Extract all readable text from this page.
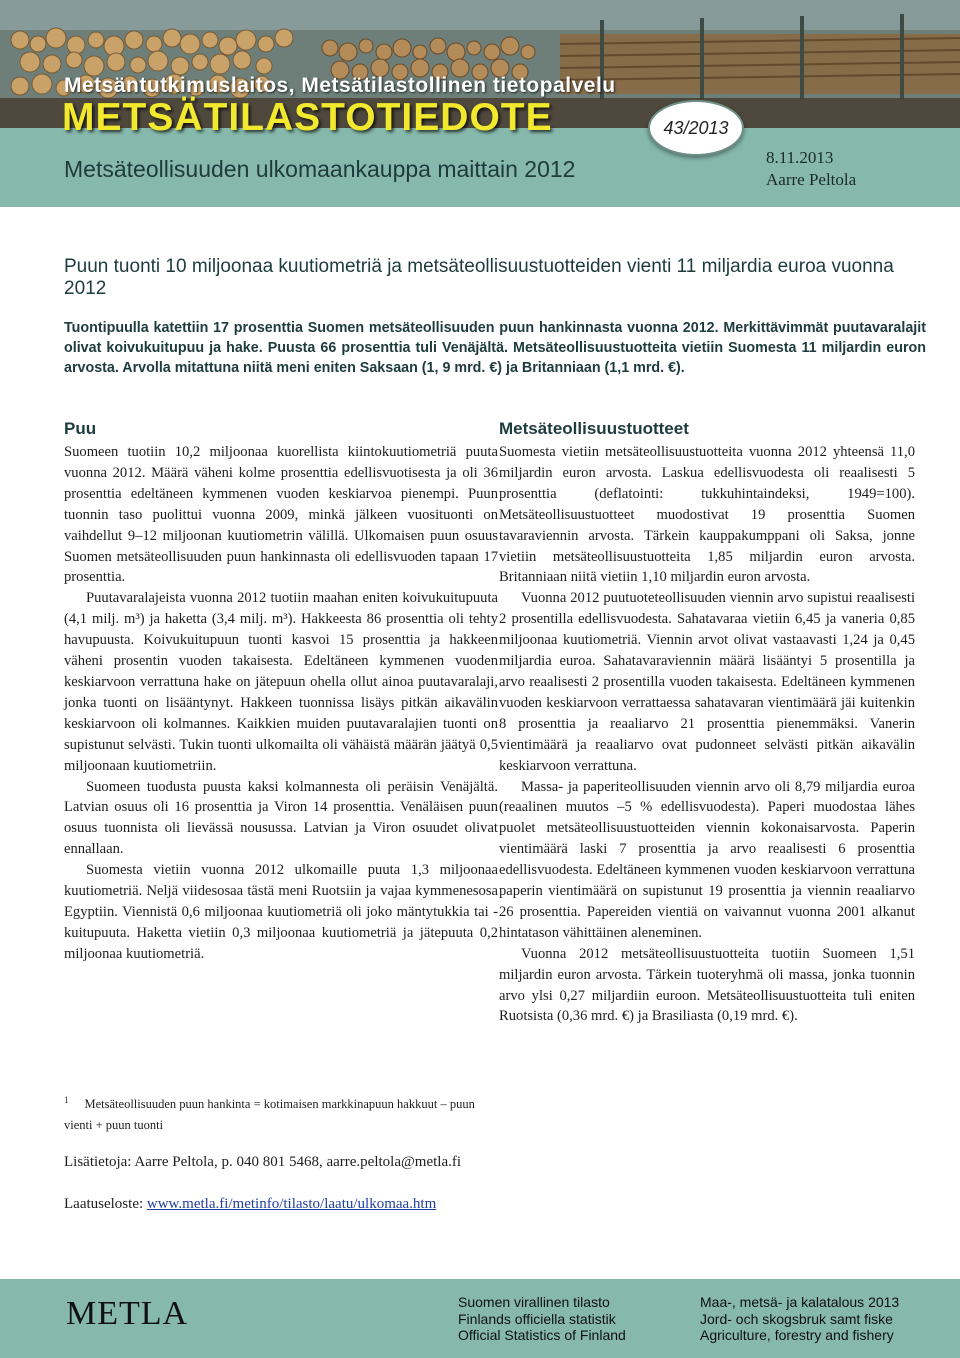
Metsäntutkimuslaitos, Metsätilastollinen tietopalvelu
METSÄTILASTOTIEDOTE	43/2013
Metsäteollisuuden ulkomaankauppa maittain 2012	8.11.2013
Aarre Peltola
Puun tuonti 10 miljoonaa kuutiometriä ja metsäteollisuustuotteiden vienti 11 miljardia euroa vuonna 2012
Tuontipuulla katettiin 17 prosenttia Suomen metsäteollisuuden puun hankinnasta vuonna 2012. Merkittävimmät puutavaralajit olivat koivukuitupuu ja hake. Puusta 66 prosenttia tuli Venäjältä. Metsäteollisuustuotteita vietiin Suomesta 11 miljardin euron arvosta. Arvolla mitattuna niitä meni eniten Saksaan (1, 9 mrd. €) ja Britanniaan (1,1 mrd. €).
Puu

Suomeen tuotiin 10,2 miljoonaa kuorellista kiintokuutiometriä puuta vuonna 2012. Määrä väheni kolme prosenttia edellisvuotisesta ja oli 36 prosenttia edeltäneen kymmenen vuoden keskiarvoa pienempi. Puun tuonnin taso puolittui vuonna 2009, minkä jälkeen vuosituonti on vaihdellut 9–12 miljoonan kuutiometrin välillä. Ulkomaisen puun osuus Suomen metsäteollisuuden puun hankinnasta oli edellisvuoden tapaan 17 prosenttia.

Puutavaralajeista vuonna 2012 tuotiin maahan eniten koivukuitupuuta (4,1 milj. m³) ja haketta (3,4 milj. m³). Hakkeesta 86 prosenttia oli tehty havupuusta. Koivukuitupuun tuonti kasvoi 15 prosenttia ja hakkeen väheni prosentin vuoden takaisesta. Edeltäneen kymmenen vuoden keskiarvoon verrattuna hake on jätepuun ohella ollut ainoa puutavaralaji, jonka tuonti on lisääntynyt. Hakkeen tuonnissa lisäys pitkän aikavälin keskiarvoon oli kolmannes. Kaikkien muiden puutavaralajien tuonti on supistunut selvästi. Tukin tuonti ulkomailta oli vähäistä määrän jäätyä 0,5 miljoonaan kuutiometriin.

Suomeen tuodusta puusta kaksi kolmannesta oli peräisin Venäjältä. Latvian osuus oli 16 prosenttia ja Viron 14 prosenttia. Venäläisen puun osuus tuonnista oli lievässä nousussa. Latvian ja Viron osuudet olivat ennallaan.

Suomesta vietiin vuonna 2012 ulkomaille puuta 1,3 miljoonaa kuutiometriä. Neljä viidesosaa tästä meni Ruotsiin ja vajaa kymmenesosa Egyptiin. Viennistä 0,6 miljoonaa kuutiometriä oli joko mäntytukkia tai -kuitupuuta. Haketta vietiin 0,3 miljoonaa kuutiometriä ja jätepuuta 0,2 miljoonaa kuutiometriä.

Metsäteollisuustuotteet

Suomesta vietiin metsäteollisuustuotteita vuonna 2012 yhteensä 11,0 miljardin euron arvosta. Laskua edellisvuodesta oli reaalisesti 5 prosenttia (deflatointi: tukkuhintaindeksi, 1949=100). Metsäteollisuustuotteet muodostivat 19 prosenttia Suomen tavaraviennin arvosta. Tärkein kauppakumppani oli Saksa, jonne vietiin metsäteollisuustuotteita 1,85 miljardin euron arvosta. Britanniaan niitä vietiin 1,10 miljardin euron arvosta.

Vuonna 2012 puutuoteteollisuuden viennin arvo supistui reaalisesti 2 prosentilla edellisvuodesta. Sahatavaraa vietiin 6,45 ja vaneria 0,85 miljoonaa kuutiometriä. Viennin arvot olivat vastaavasti 1,24 ja 0,45 miljardia euroa. Sahatavaraviennin määrä lisääntyi 5 prosentilla ja arvo reaalisesti 2 prosentilla vuoden takaisesta. Edeltäneen kymmenen vuoden keskiarvoon verrattaessa sahatavaran vientimäärä jäi kuitenkin 8 prosenttia ja reaaliarvo 21 prosenttia pienemmäksi. Vanerin vientimäärä ja reaaliarvo ovat pudonneet selvästi pitkän aikavälin keskiarvoon verrattuna.

Massa- ja paperiteollisuuden viennin arvo oli 8,79 miljardia euroa (reaalinen muutos –5 % edellisvuodesta). Paperi muodostaa lähes puolet metsäteollisuustuotteiden viennin kokonaisarvosta. Paperin vientimäärä laski 7 prosenttia ja arvo reaalisesti 6 prosenttia edellisvuodesta. Edeltäneen kymmenen vuoden keskiarvoon verrattuna paperin vientimäärä on supistunut 19 prosenttia ja viennin reaaliarvo 26 prosenttia. Papereiden vientiä on vaivannut vuonna 2001 alkanut hintatason vähittäinen aleneminen.

Vuonna 2012 metsäteollisuustuotteita tuotiin Suomeen 1,51 miljardin euron arvosta. Tärkein tuoteryhmä oli massa, jonka tuonnin arvo ylsi 0,27 miljardiin euroon. Metsäteollisuustuotteita tuli eniten Ruotsista (0,36 mrd. €) ja Brasiliasta (0,19 mrd. €).

$^1$ Metsäteollisuuden puun hankinta = kotimaisen markkinapuun hakkuut – puun vienti + puun tuonti
Lisätietoja: Aarre Peltola, p. 040 801 5468, aarre.peltola@metla.fi
Laatuseloste: www.metla.fi/metinfo/tilasto/laatu/ulkomaa.htm
METLA	Suomen virallinen tilasto
Finlands officiella statistik
Official Statistics of Finland
Maa-, metsä- ja kalatalous 2013
Jord- och skogsbruk samt fiske
Agriculture, forestry and fishery
